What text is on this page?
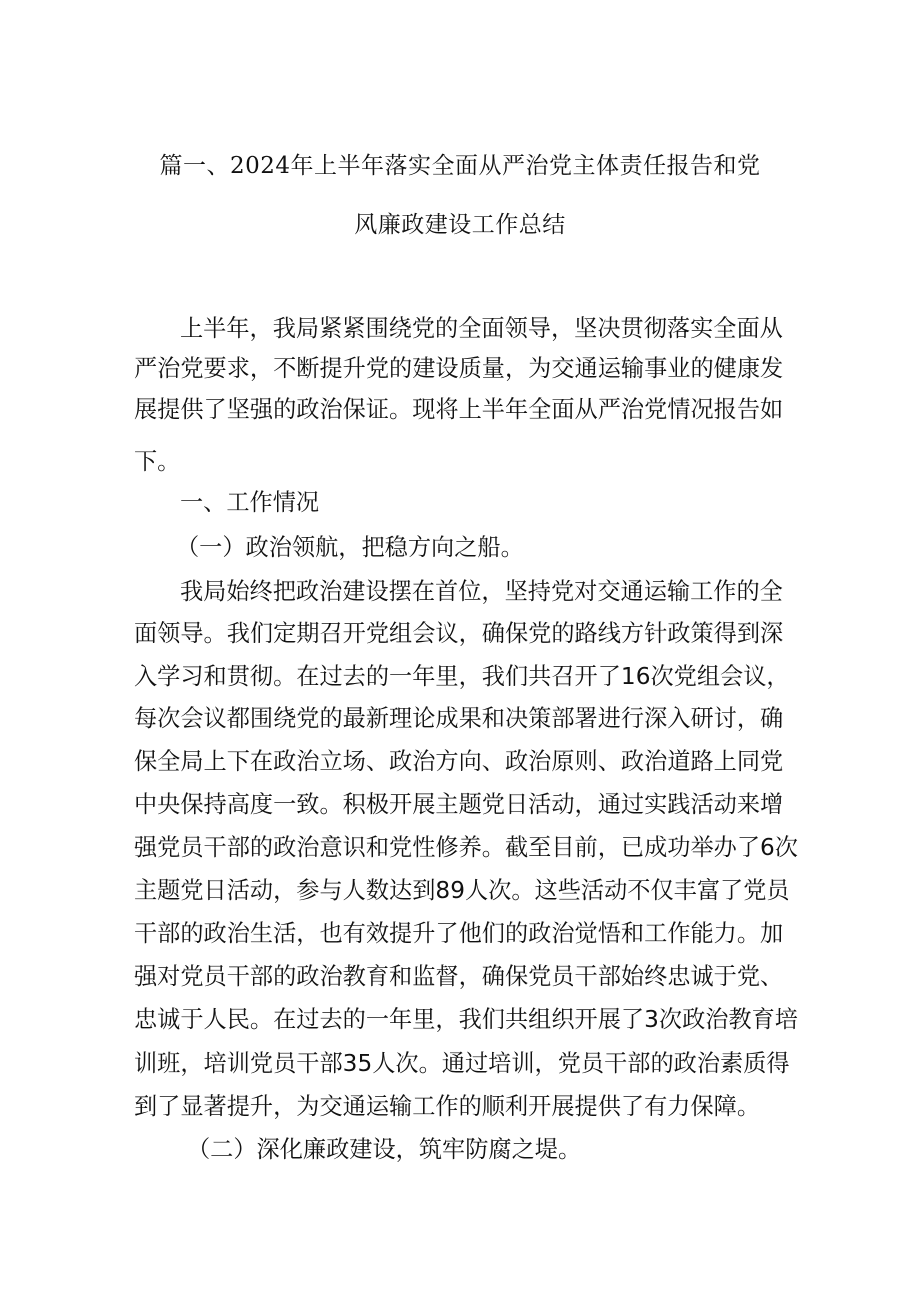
篇一、2024年上半年落实全面从严治党主体责任报告和党
风廉政建设工作总结
上半年，我局紧紧围绕党的全面领导，坚决贯彻落实全面从
严治党要求，不断提升党的建设质量，为交通运输事业的健康发
展提供了坚强的政治保证。现将上半年全面从严治党情况报告如
下。
一、工作情况
（一）政治领航，把稳方向之船。
我局始终把政治建设摆在首位，坚持党对交通运输工作的全
面领导。我们定期召开党组会议，确保党的路线方针政策得到深
入学习和贯彻。在过去的一年里，我们共召开了16次党组会议，
每次会议都围绕党的最新理论成果和决策部署进行深入研讨，确
保全局上下在政治立场、政治方向、政治原则、政治道路上同党
中央保持高度一致。积极开展主题党日活动，通过实践活动来增
强党员干部的政治意识和党性修养。截至目前，已成功举办了6次
主题党日活动，参与人数达到89人次。这些活动不仅丰富了党员
干部的政治生活，也有效提升了他们的政治觉悟和工作能力。加
强对党员干部的政治教育和监督，确保党员干部始终忠诚于党、
忠诚于人民。在过去的一年里，我们共组织开展了3次政治教育培
训班，培训党员干部35人次。通过培训，党员干部的政治素质得
到了显著提升，为交通运输工作的顺利开展提供了有力保障。
（二）深化廉政建设，筑牢防腐之堤。
